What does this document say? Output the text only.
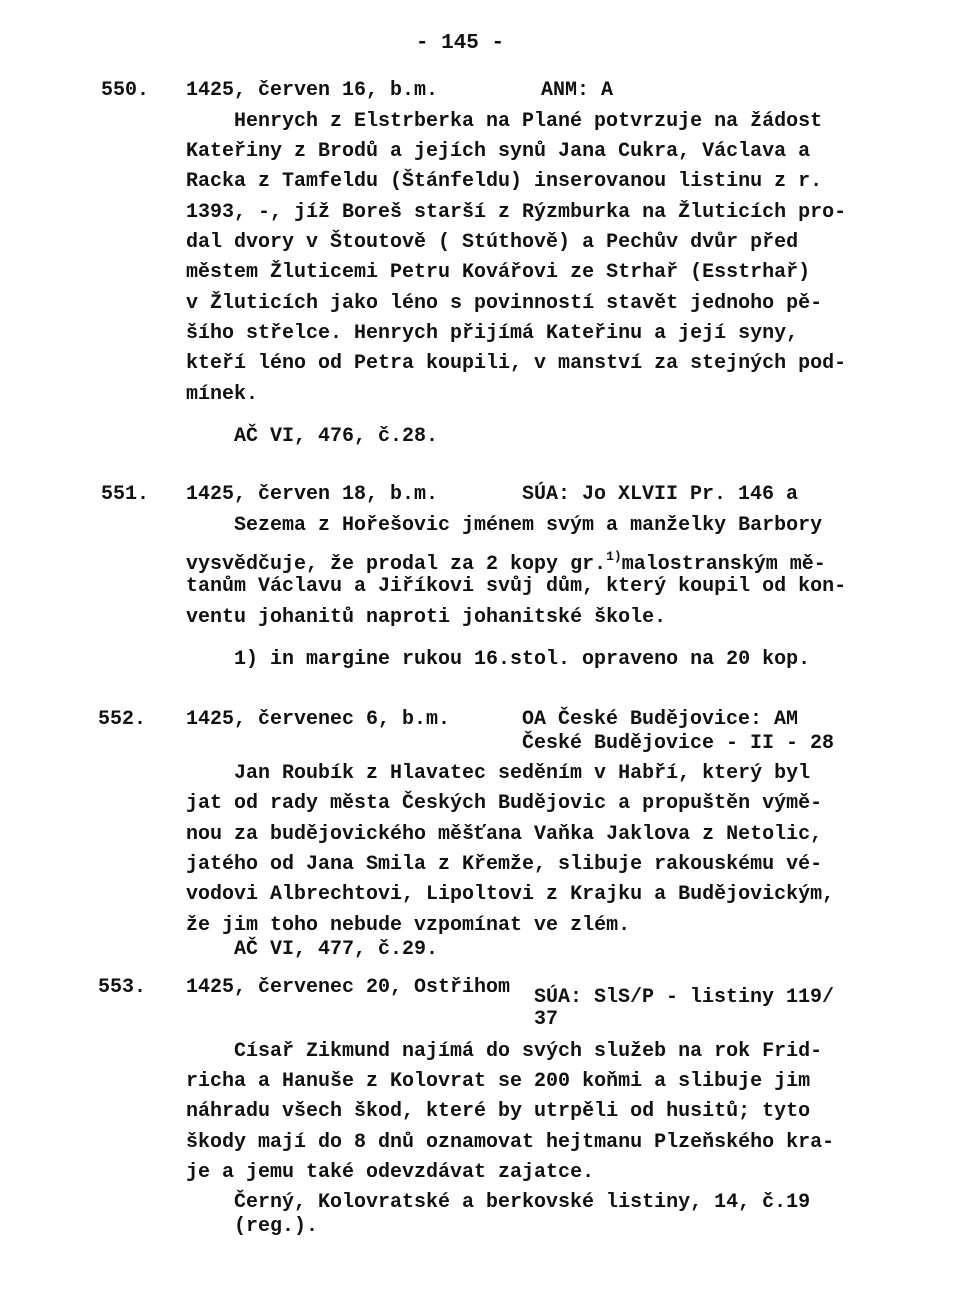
- 145 -
550. 1425, červen 16, b.m.	ANM: A
Henrych z Elstrberka na Plané potvrzuje na žádost
Kateřiny z Brodů a jejích synů Jana Cukra, Václava a
Racka z Tamfeldu (Štánfeldu) inserovanou listinu z r.
1393, -, jíž Boreš starší z Rýzmburka na Žluticích pro-
dal dvory v Štoutově ( Stúthově) a Pechův dvůr před
městem Žluticemi Petru Kovářovi ze Strhař (Esstrhař)
v Žluticích jako léno s povinností stavět jednoho pě-
šího střelce. Henrych přijímá Kateřinu a její syny,
kteří léno od Petra koupili, v manství za stejných pod-
mínek.
AČ VI, 476, č.28.
551. 1425, červen 18, b.m.	SÚA: Jo XLVII Pr. 146 a
Sezema z Hořešovic jménem svým a manželky Barbory
vysvědčuje, že prodal za 2 kopy gr.$^{1)}$malostranským mě-
tanům Václavu a Jiříkovi svůj dům, který koupil od kon-
ventu johanitů naproti johanitské škole.
1) in margine rukou 16.stol. opraveno na 20 kop.
552. 1425, červenec 6, b.m.	OA České Budějovice: AM
České Budějovice - II - 28
Jan Roubík z Hlavatec seděním v Habří, který byl
jat od rady města Českých Budějovic a propuštěn výmě-
nou za budějovického měšťana Vaňka Jaklova z Netolic,
jatého od Jana Smila z Křemže, slibuje rakouskému vé-
vodovi Albrechtovi, Lipoltovi z Krajku a Budějovickým,
že jim toho nebude vzpomínat ve zlém.
AČ VI, 477, č.29.
553. 1425, červenec 20, Ostřihom SÚA: SlS/P - listiny 119/
37
Císař Zikmund najímá do svých služeb na rok Frid-
richa a Hanuše z Kolovrat se 200 koňmi a slibuje jim
náhradu všech škod, které by utrpěli od husitů; tyto
škody mají do 8 dnů oznamovat hejtmanu Plzeňského kra-
je a jemu také odevzdávat zajatce.
Černý, Kolovratské a berkovské listiny, 14, č.19
(reg.).
